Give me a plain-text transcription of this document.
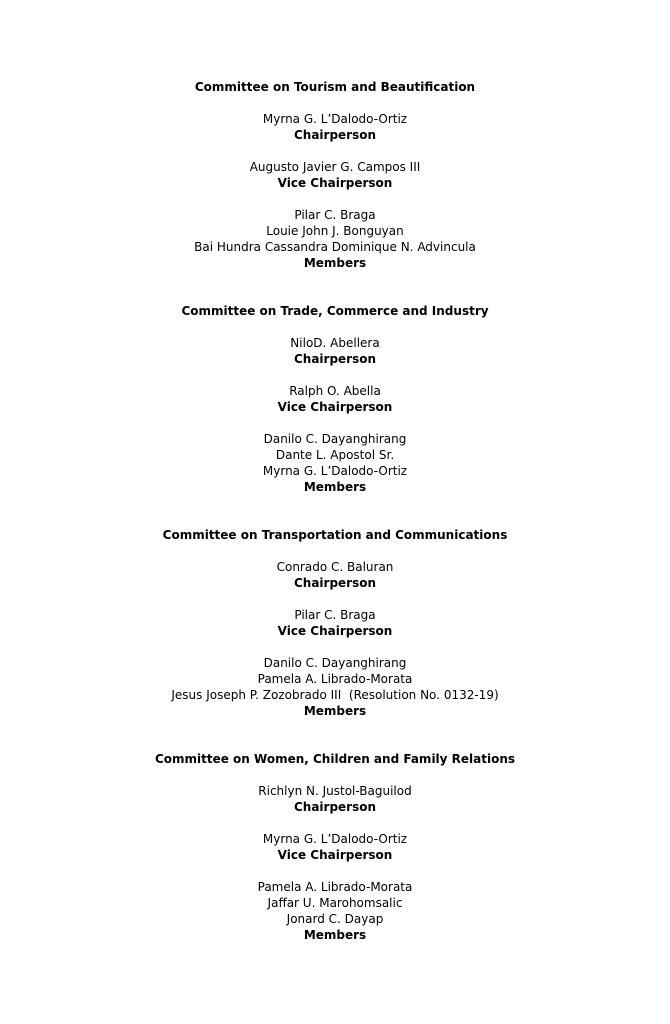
Committee on Tourism and Beautification
Myrna G. L’Dalodo-Ortiz
Chairperson
Augusto Javier G. Campos III
Vice Chairperson
Pilar C. Braga
Louie John J. Bonguyan
Bai Hundra Cassandra Dominique N. Advincula
Members
Committee on Trade, Commerce and Industry
NiloD. Abellera
Chairperson
Ralph O. Abella
Vice Chairperson
Danilo C. Dayanghirang
Dante L. Apostol Sr.
Myrna G. L’Dalodo-Ortiz
Members
Committee on Transportation and Communications
Conrado C. Baluran
Chairperson
Pilar C. Braga
Vice Chairperson
Danilo C. Dayanghirang
Pamela A. Librado-Morata
Jesus Joseph P. Zozobrado III  (Resolution No. 0132-19)
Members
Committee on Women, Children and Family Relations
Richlyn N. Justol-Baguilod
Chairperson
Myrna G. L’Dalodo-Ortiz
Vice Chairperson
Pamela A. Librado-Morata
Jaffar U. Marohomsalic
Jonard C. Dayap
Members
